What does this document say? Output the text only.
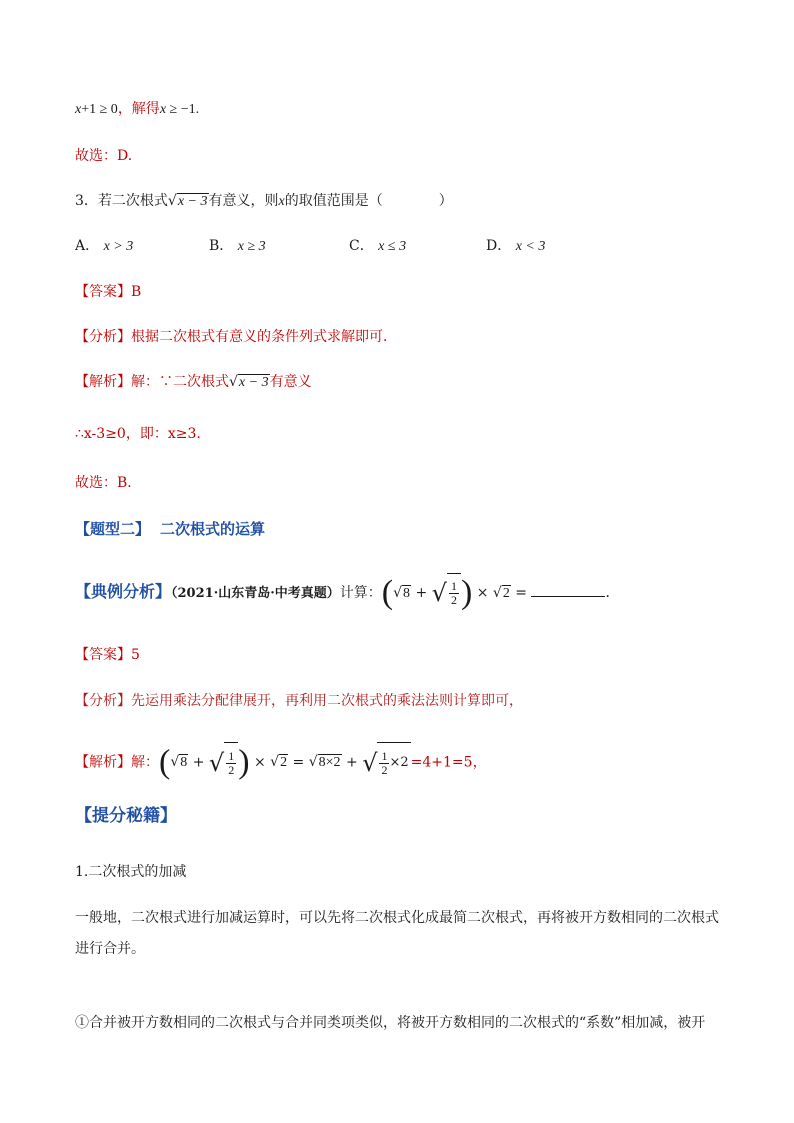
x+1 ≥ 0，解得x ≥ −1.
故选：D.
3．若二次根式√x − 3有意义，则x的取值范围是（　　　　）
A． x > 3	B． x ≥ 3	C． x ≤ 3	D． x < 3
【答案】B
【分析】根据二次根式有意义的条件列式求解即可．
【解析】解：∵二次根式√x − 3有意义
∴x-3≥0，即：x≥3.
故选：B．
【题型二】 二次根式的运算
【典例分析】（2021·山东青岛·中考真题）计算：(√8 + √ $\frac{1}{2}$ ) × √2 =	．
【答案】5
【分析】先运用乘法分配律展开，再利用二次根式的乘法法则计算即可，
【解析】解：(√8 + √ $\frac{1}{2}$ ) × √2 = √8×2 + √ $\frac{1}{2} \times 2 =4+1=5$，
【提分秘籍】
1.二次根式的加减
一般地，二次根式进行加减运算时，可以先将二次根式化成最简二次根式，再将被开方数相同的二次根式
进行合并。
①合并被开方数相同的二次根式与合并同类项类似，将被开方数相同的二次根式的“系数”相加减，被开
